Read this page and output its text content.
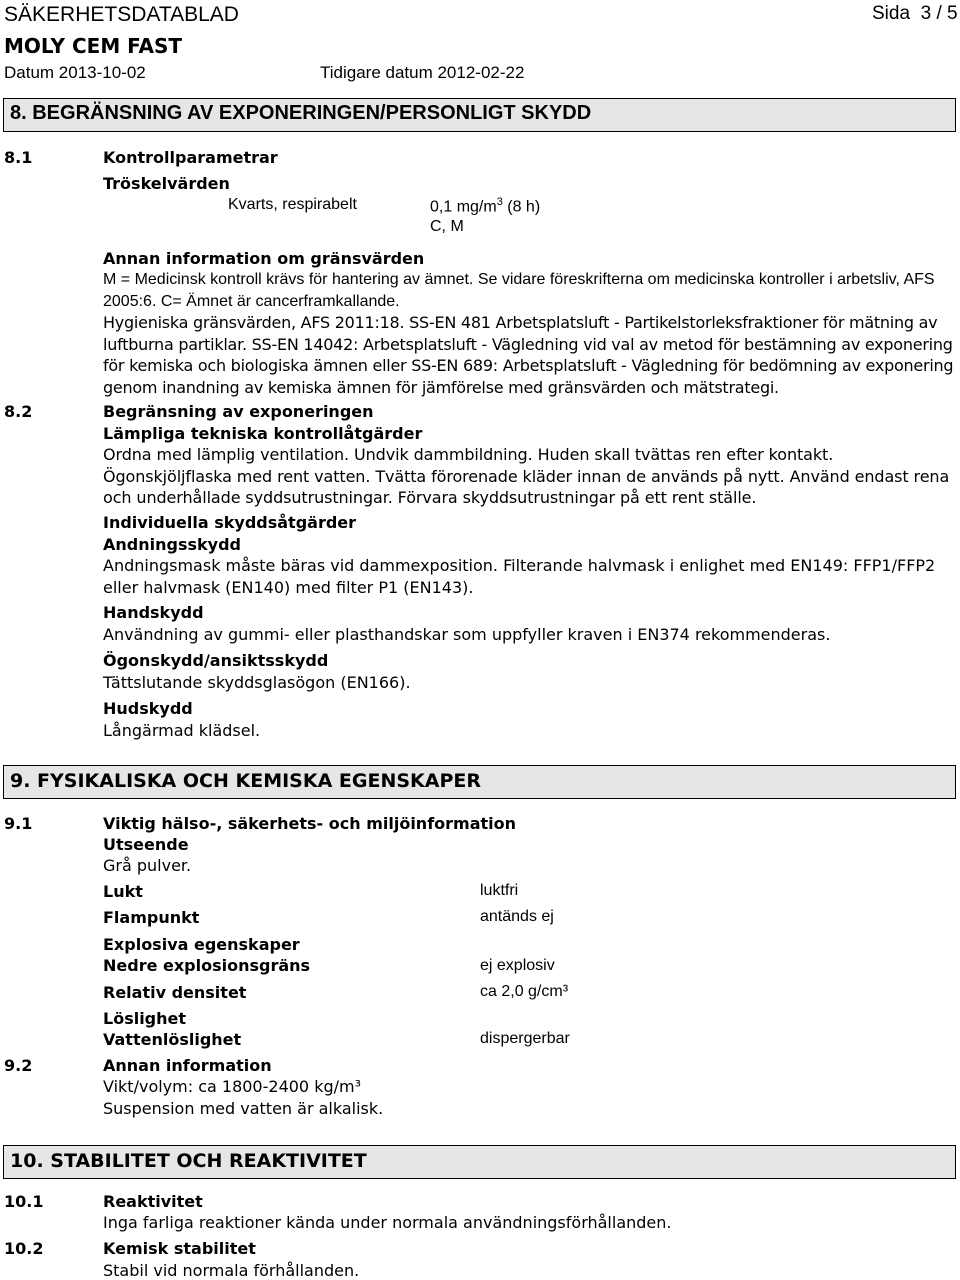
SÄKERHETSDATABLAD	Sida 3 / 5
MOLY CEM FAST
Datum 2013-10-02	Tidigare datum 2012-02-22
8. BEGRÄNSNING AV EXPONERINGEN/PERSONLIGT SKYDD
8.1	Kontrollparametrar
Tröskelvärden
Kvarts, respirabelt	0,1 $mg/m^3$ (8 h)
C, M
Annan information om gränsvärden
M = Medicinsk kontroll krävs för hantering av ämnet. Se vidare föreskrifterna om medicinska kontroller i arbetsliv, AFS 2005:6. C= Ämnet är cancerframkallande.
Hygieniska gränsvärden, AFS 2011:18. SS-EN 481 Arbetsplatsluft - Partikelstorleksfraktioner för mätning av luftburna partiklar. SS-EN 14042: Arbetsplatsluft - Vägledning vid val av metod för bestämning av exponering för kemiska och biologiska ämnen eller SS-EN 689: Arbetsplatsluft - Vägledning för bedömning av exponering genom inandning av kemiska ämnen för jämförelse med gränsvärden och mätstrategi.
8.2	Begränsning av exponeringen
Lämpliga tekniska kontrollåtgärder
Ordna med lämplig ventilation. Undvik dammbildning. Huden skall tvättas ren efter kontakt. Ögonskjöljflaska med rent vatten. Tvätta förorenade kläder innan de används på nytt. Använd endast rena och underhållade syddsutrustningar. Förvara skyddsutrustningar på ett rent ställe.
Individuella skyddsåtgärder
Andningsskydd
Andningsmask måste bäras vid dammexposition. Filterande halvmask i enlighet med EN149: FFP1/FFP2 eller halvmask (EN140) med filter P1 (EN143).
Handskydd
Användning av gummi- eller plasthandskar som uppfyller kraven i EN374 rekommenderas.
Ögonskydd/ansiktsskydd
Tättslutande skyddsglasögon (EN166).
Hudskydd
Långärmad klädsel.
9. FYSIKALISKA OCH KEMISKA EGENSKAPER
9.1	Viktig hälso-, säkerhets- och miljöinformation
Utseende
Grå pulver.
Lukt	luktfri
Flampunkt	antänds ej
Explosiva egenskaper
Nedre explosionsgräns	ej explosiv
Relativ densitet	ca 2,0 g/cm³
Löslighet
Vattenlöslighet	dispergerbar
9.2	Annan information
Vikt/volym: ca 1800-2400 kg/m³
Suspension med vatten är alkalisk.
10. STABILITET OCH REAKTIVITET
10.1	Reaktivitet
Inga farliga reaktioner kända under normala användningsförhållanden.
10.2	Kemisk stabilitet
Stabil vid normala förhållanden.
